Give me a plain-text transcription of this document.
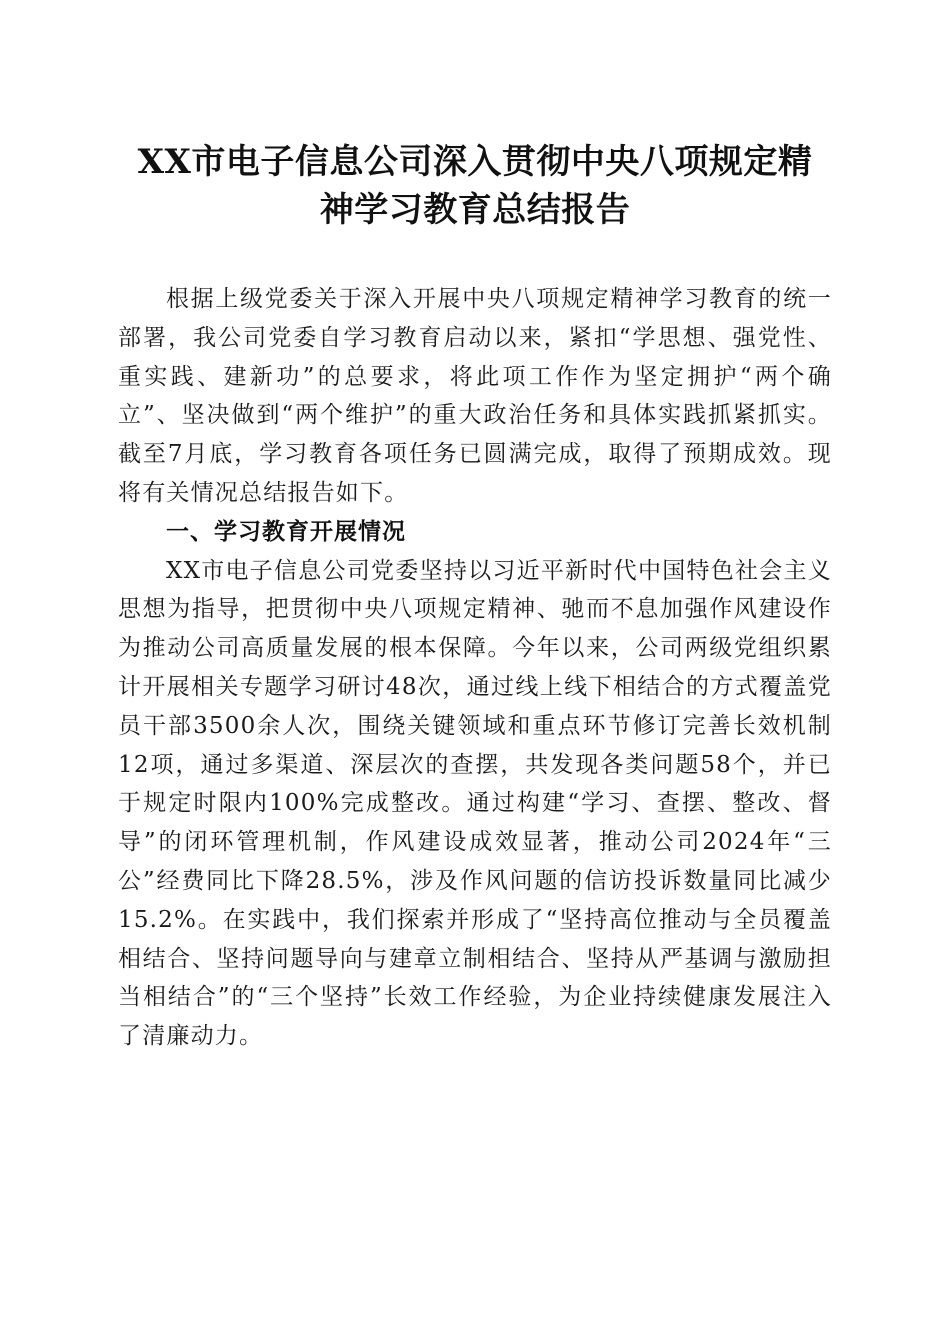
XX市电子信息公司深入贯彻中央八项规定精
神学习教育总结报告

根据上级党委关于深入开展中央八项规定精神学习教育的统一部署，我公司党委自学习教育启动以来，紧扣“学思想、强党性、重实践、建新功”的总要求，将此项工作作为坚定拥护“两个确立”、坚决做到“两个维护”的重大政治任务和具体实践抓紧抓实。截至7月底，学习教育各项任务已圆满完成，取得了预期成效。现将有关情况总结报告如下。

一、学习教育开展情况

XX市电子信息公司党委坚持以习近平新时代中国特色社会主义思想为指导，把贯彻中央八项规定精神、驰而不息加强作风建设作为推动公司高质量发展的根本保障。今年以来，公司两级党组织累计开展相关专题学习研讨48次，通过线上线下相结合的方式覆盖党员干部3500余人次，围绕关键领域和重点环节修订完善长效机制12项，通过多渠道、深层次的查摆，共发现各类问题58个，并已于规定时限内100%完成整改。通过构建“学习、查摆、整改、督导”的闭环管理机制，作风建设成效显著，推动公司2024年“三公”经费同比下降28.5%，涉及作风问题的信访投诉数量同比减少15.2%。在实践中，我们探索并形成了“坚持高位推动与全员覆盖相结合、坚持问题导向与建章立制相结合、坚持从严基调与激励担当相结合”的“三个坚持”长效工作经验，为企业持续健康发展注入了清廉动力。
